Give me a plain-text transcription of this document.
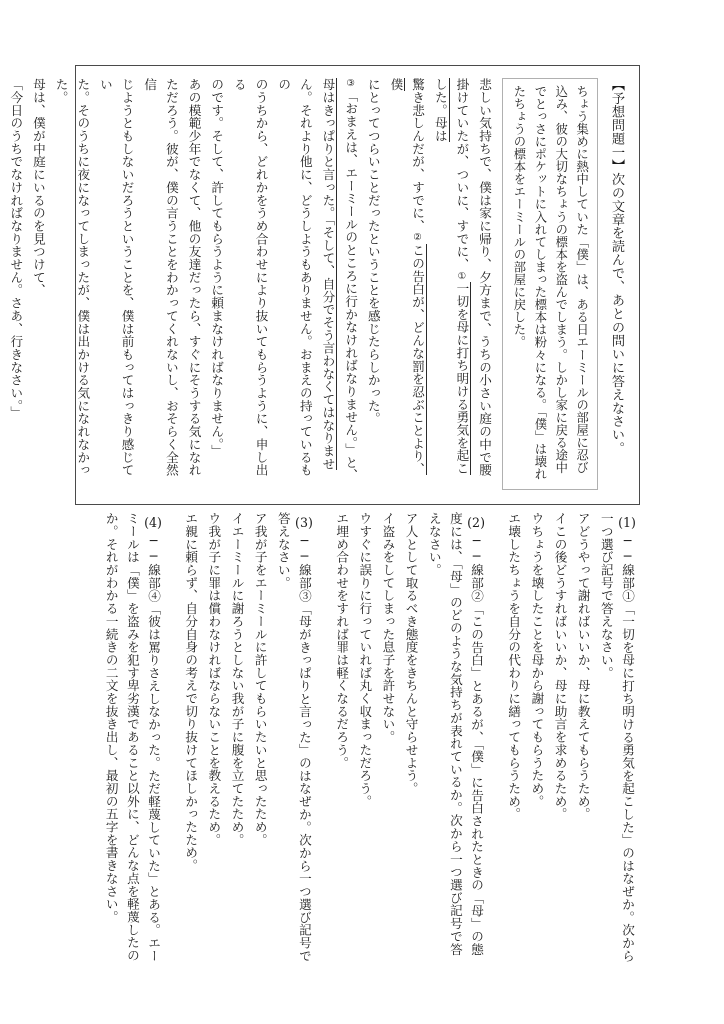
【予想問題一】次の文章を読んで、あとの問いに答えなさい。
ちょう集めに熱中していた「僕」は、ある日エーミールの部屋に忍び込み、彼の大切なちょうの標本を盗んでしまう。しかし家に戻る途中でとっさにポケットに入れてしまった標本は粉々になる。「僕」は壊れたちょうの標本をエーミールの部屋に戻した。
悲しい気持ちで、僕は家に帰り、夕方まで、うちの小さい庭の中で腰
掛けていたが、ついに、すでに、①一切を母に打ち明ける勇気を起こした。母は
驚き悲しんだが、すでに、②この告白が、どんな罰を忍ぶことより、僕
にとってつらいことだったということを感じたらしかった。
③「おまえは、エーミールのところに行かなければなりません。」と、
母はきっぱりと言った。「そして、自分でそう言わなくてはなりませ
ん。それより他に、どうしようもありません。おまえの持っているもの
のうちから、どれかをうめ合わせにより抜いてもらうように、申し出る
のです。そして、許してもらうように頼まなければなりません。」
あの模範少年でなくて、他の友達だったら、すぐにそうする気になれ
ただろう。彼が、僕の言うことをわかってくれないし、おそらく全然信
じようともしないだろうということを、僕は前もってはっきり感じてい
た。そのうちに夜になってしまったが、僕は出かける気になれなかった。
母は、僕が中庭にいるのを見つけて、
「今日のうちでなければなりません。さあ、行きなさい。」
(1)──線部①「一切を母に打ち明ける勇気を起こした」のはなぜか。次から一つ選び記号で答えなさい。
アどうやって謝ればいいか、母に教えてもらうため。
イこの後どうすればいいか、母に助言を求めるため。
ウちょうを壊したことを母から謝ってもらうため。
エ壊したちょうを自分の代わりに繕ってもらうため。
(2)──線部②「この告白」とあるが、「僕」に告白されたときの「母」の態度には、「母」のどのような気持ちが表れているか。次から一つ選び記号で答えなさい。
ア人として取るべき態度をきちんと守らせよう。
イ盗みをしてしまった息子を許せない。
ウすぐに誤りに行っていれば丸く収まっただろう。
エ埋め合わせをすれば罪は軽くなるだろう。
(3)──線部③「母がきっぱりと言った」のはなぜか。次から一つ選び記号で答えなさい。
ア我が子をエーミールに許してもらいたいと思ったため。
イエーミールに謝ろうとしない我が子に腹を立てたため。
ウ我が子に罪は償わなければならないことを教えるため。
エ親に頼らず、自分自身の考えで切り抜けてほしかったため。
(4)──線部④「彼は罵りさえしなかった。ただ軽蔑していた」とある。エーミールは「僕」を盗みを犯す卑劣漢であること以外に、どんな点を軽蔑したのか。それがわかる一続きの二文を抜き出し、最初の五字を書きなさい。
